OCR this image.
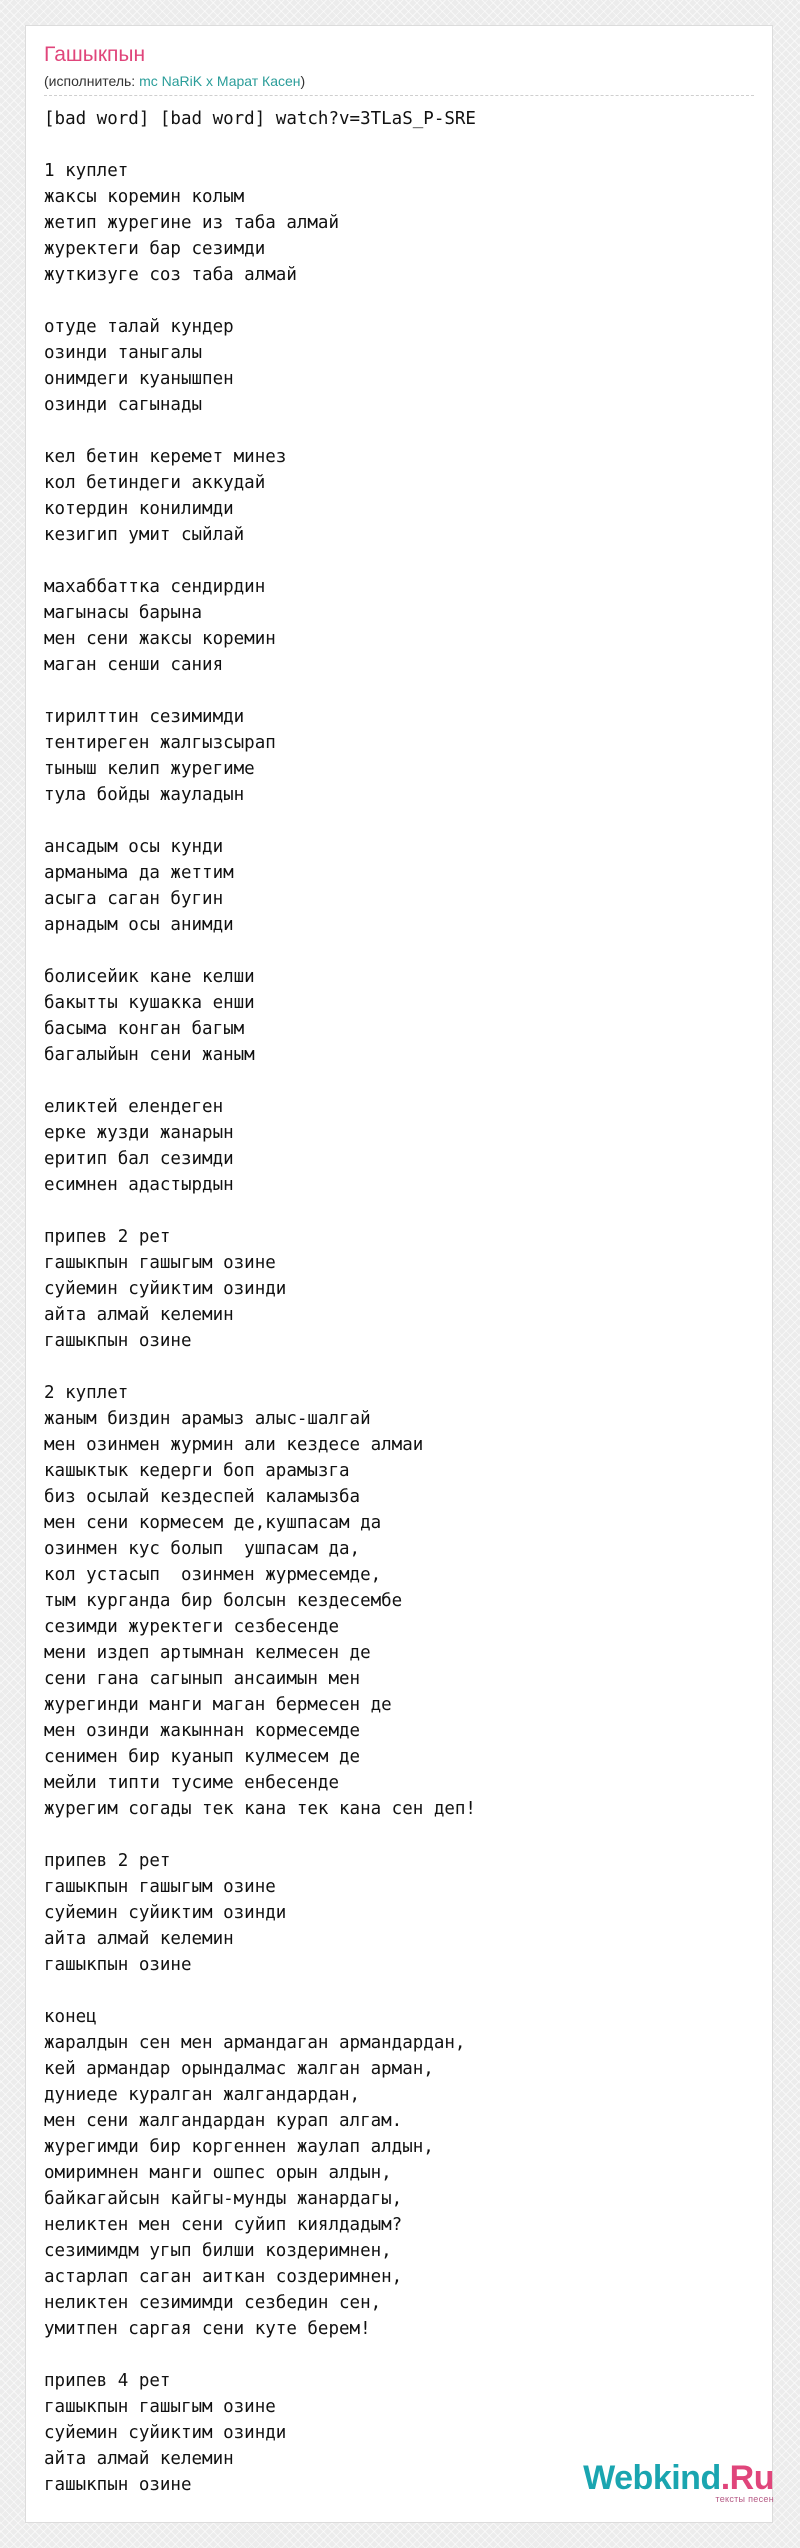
Гашыкпын
(исполнитель: mc NaRiK x Марат Касен)
[bad word] [bad word] watch?v=3TLaS_P-SRE

1 куплет
жаксы коремин колым
жетип журегине из таба алмай
журектеги бар сезимди
жуткизуге соз таба алмай

отуде талай кундер
озинди таныгалы
онимдеги куанышпен
озинди сагынады

кел бетин керемет минез
кол бетиндеги аккудай
котердин конилимди
кезигип умит сыйлай

махаббаттка сендирдин
магынасы барына
мен сени жаксы коремин
маган сенши сания

тирилттин сезимимди
тентиреген жалгызсырап
тыныш келип журегиме
тула бойды жауладын

ансадым осы кунди
арманыма да жеттим
асыга саган бугин
арнадым осы анимди

болисейик кане келши
бакытты кушакка енши
басыма конган багым
багалыйын сени жаным

еликтей елендеген
ерке жузди жанарын
еритип бал сезимди
есимнен адастырдын

припев 2 рет
гашыкпын гашыгым озине
суйемин суйиктим озинди
айта алмай келемин
гашыкпын озине

2 куплет
жаным биздин арамыз алыс-шалгай
мен озинмен журмин али кездесе алмаи
кашыктык кедерги боп арамызга
биз осылай кездеспей каламызба
мен сени кормесем де,кушпасам да
озинмен кус болып  ушпасам да,
кол устасып  озинмен журмесемде,
тым курганда бир болсын кездесембе
сезимди журектеги сезбесенде
мени издеп артымнан келмесен де
сени гана сагынып ансаимын мен
журегинди манги маган бермесен де
мен озинди жакыннан кормесемде
сенимен бир куанып кулмесем де
мейли типти тусиме енбесенде
журегим согады тек кана тек кана сен деп!

припев 2 рет
гашыкпын гашыгым озине
суйемин суйиктим озинди
айта алмай келемин
гашыкпын озине

конец
жаралдын сен мен армандаган армандардан,
кей армандар орындалмас жалган арман,
дуниеде куралган жалгандардан,
мен сени жалгандардан курап алгам.
журегимди бир коргеннен жаулап алдын,
омиримнен манги ошпес орын алдын,
байкагайсын кайгы-мунды жанардагы,
неликтен мен сени суйип киялдадым?
сезимимдм угып билши коздеримнен,
астарлап саган аиткан создеримнен,
неликтен сезимимди сезбедин сен,
умитпен саргая сени куте берем!

припев 4 рет
гашыкпын гашыгым озине
суйемин суйиктим озинди
айта алмай келемин
гашыкпын озине	Webkind.Ru
тексты песен
